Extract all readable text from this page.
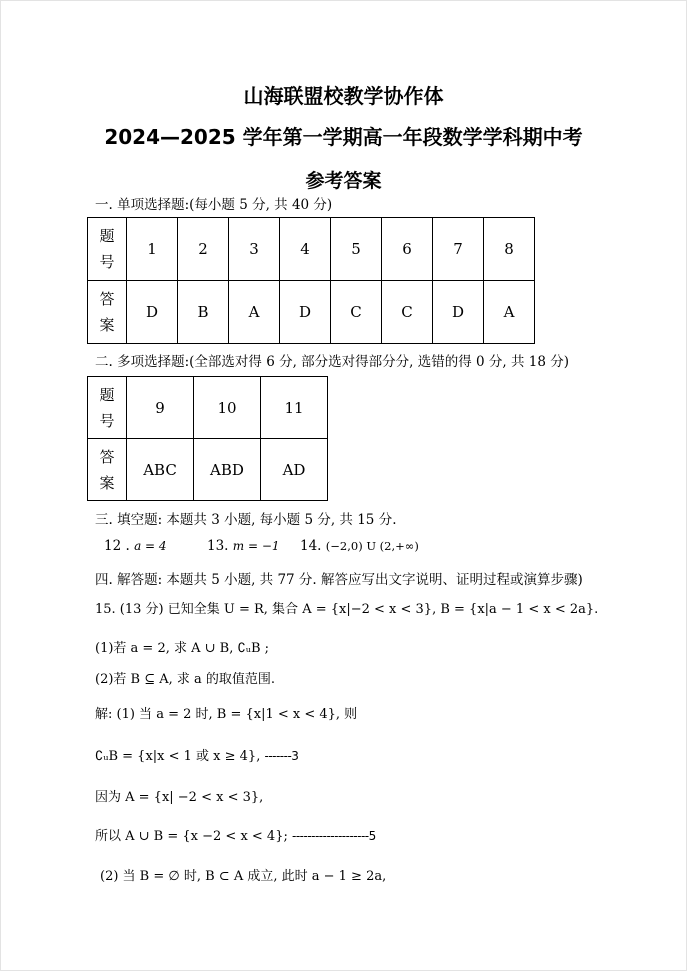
山海联盟校教学协作体
2024—2025 学年第一学期高一年段数学学科期中考
参考答案
一. 单项选择题:(每小题 5 分, 共 40 分)
题
号	1	2	3	4	5	6	7	8

答
案	D	B	A	D	C	C	D	A
二. 多项选择题:(全部选对得 6 分, 部分选对得部分分, 选错的得 0 分, 共 18 分)
题
号	9	10	11

答
案	ABC	ABD	AD
三. 填空题: 本题共 3 小题, 每小题 5 分, 共 15 分.
12 . a = 4	13. m = −1 14. (−2,0) U (2,+∞)
四. 解答题: 本题共 5 小题, 共 77 分. 解答应写出文字说明、证明过程或演算步骤)
15. (13 分) 已知全集 U = R, 集合 A = {x|−2 < x < 3}, B = {x|a − 1 < x < 2a}.
(1)若 a = 2, 求 A ∪ B, ∁ᵤB ;
(2)若 B ⊆ A, 求 a 的取值范围.
解: (1) 当 a = 2 时, B = {x|1 < x < 4}, 则
∁ᵤB = {x|x < 1 或 x ≥ 4}, -------3
因为 A = {x| −2 < x < 3},
所以 A ∪ B = {x −2 < x < 4}; --------------------5
(2) 当 B = ∅ 时, B ⊂ A 成立, 此时 a − 1 ≥ 2a,
